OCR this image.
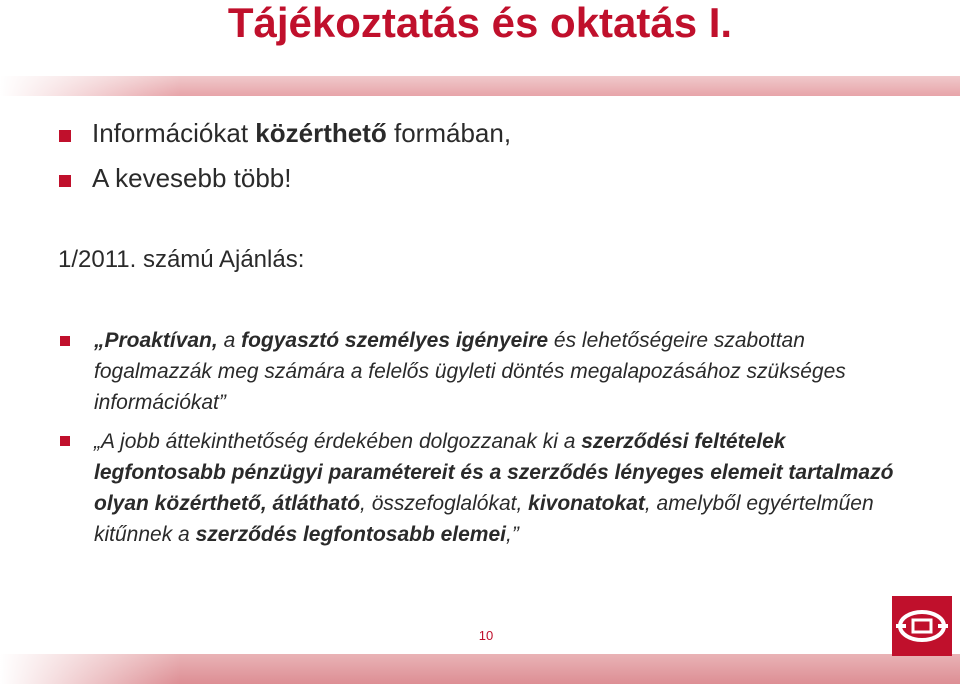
Tájékoztatás és oktatás I.
Információkat közérthető formában,
A kevesebb több!
1/2011. számú Ajánlás:
„Proaktívan, a fogyasztó személyes igényeire és lehetőségeire szabottan fogalmazzák meg számára a felelős ügyleti döntés megalapozásához szükséges információkat”
„A jobb áttekinthetőség érdekében dolgozzanak ki a szerződési feltételek legfontosabb pénzügyi paramétereit és a szerződés lényeges elemeit tartalmazó olyan közérthető, átlátható, összefoglalókat, kivonatokat, amelyből egyértelműen kitűnnek a szerződés legfontosabb elemei,”
10
